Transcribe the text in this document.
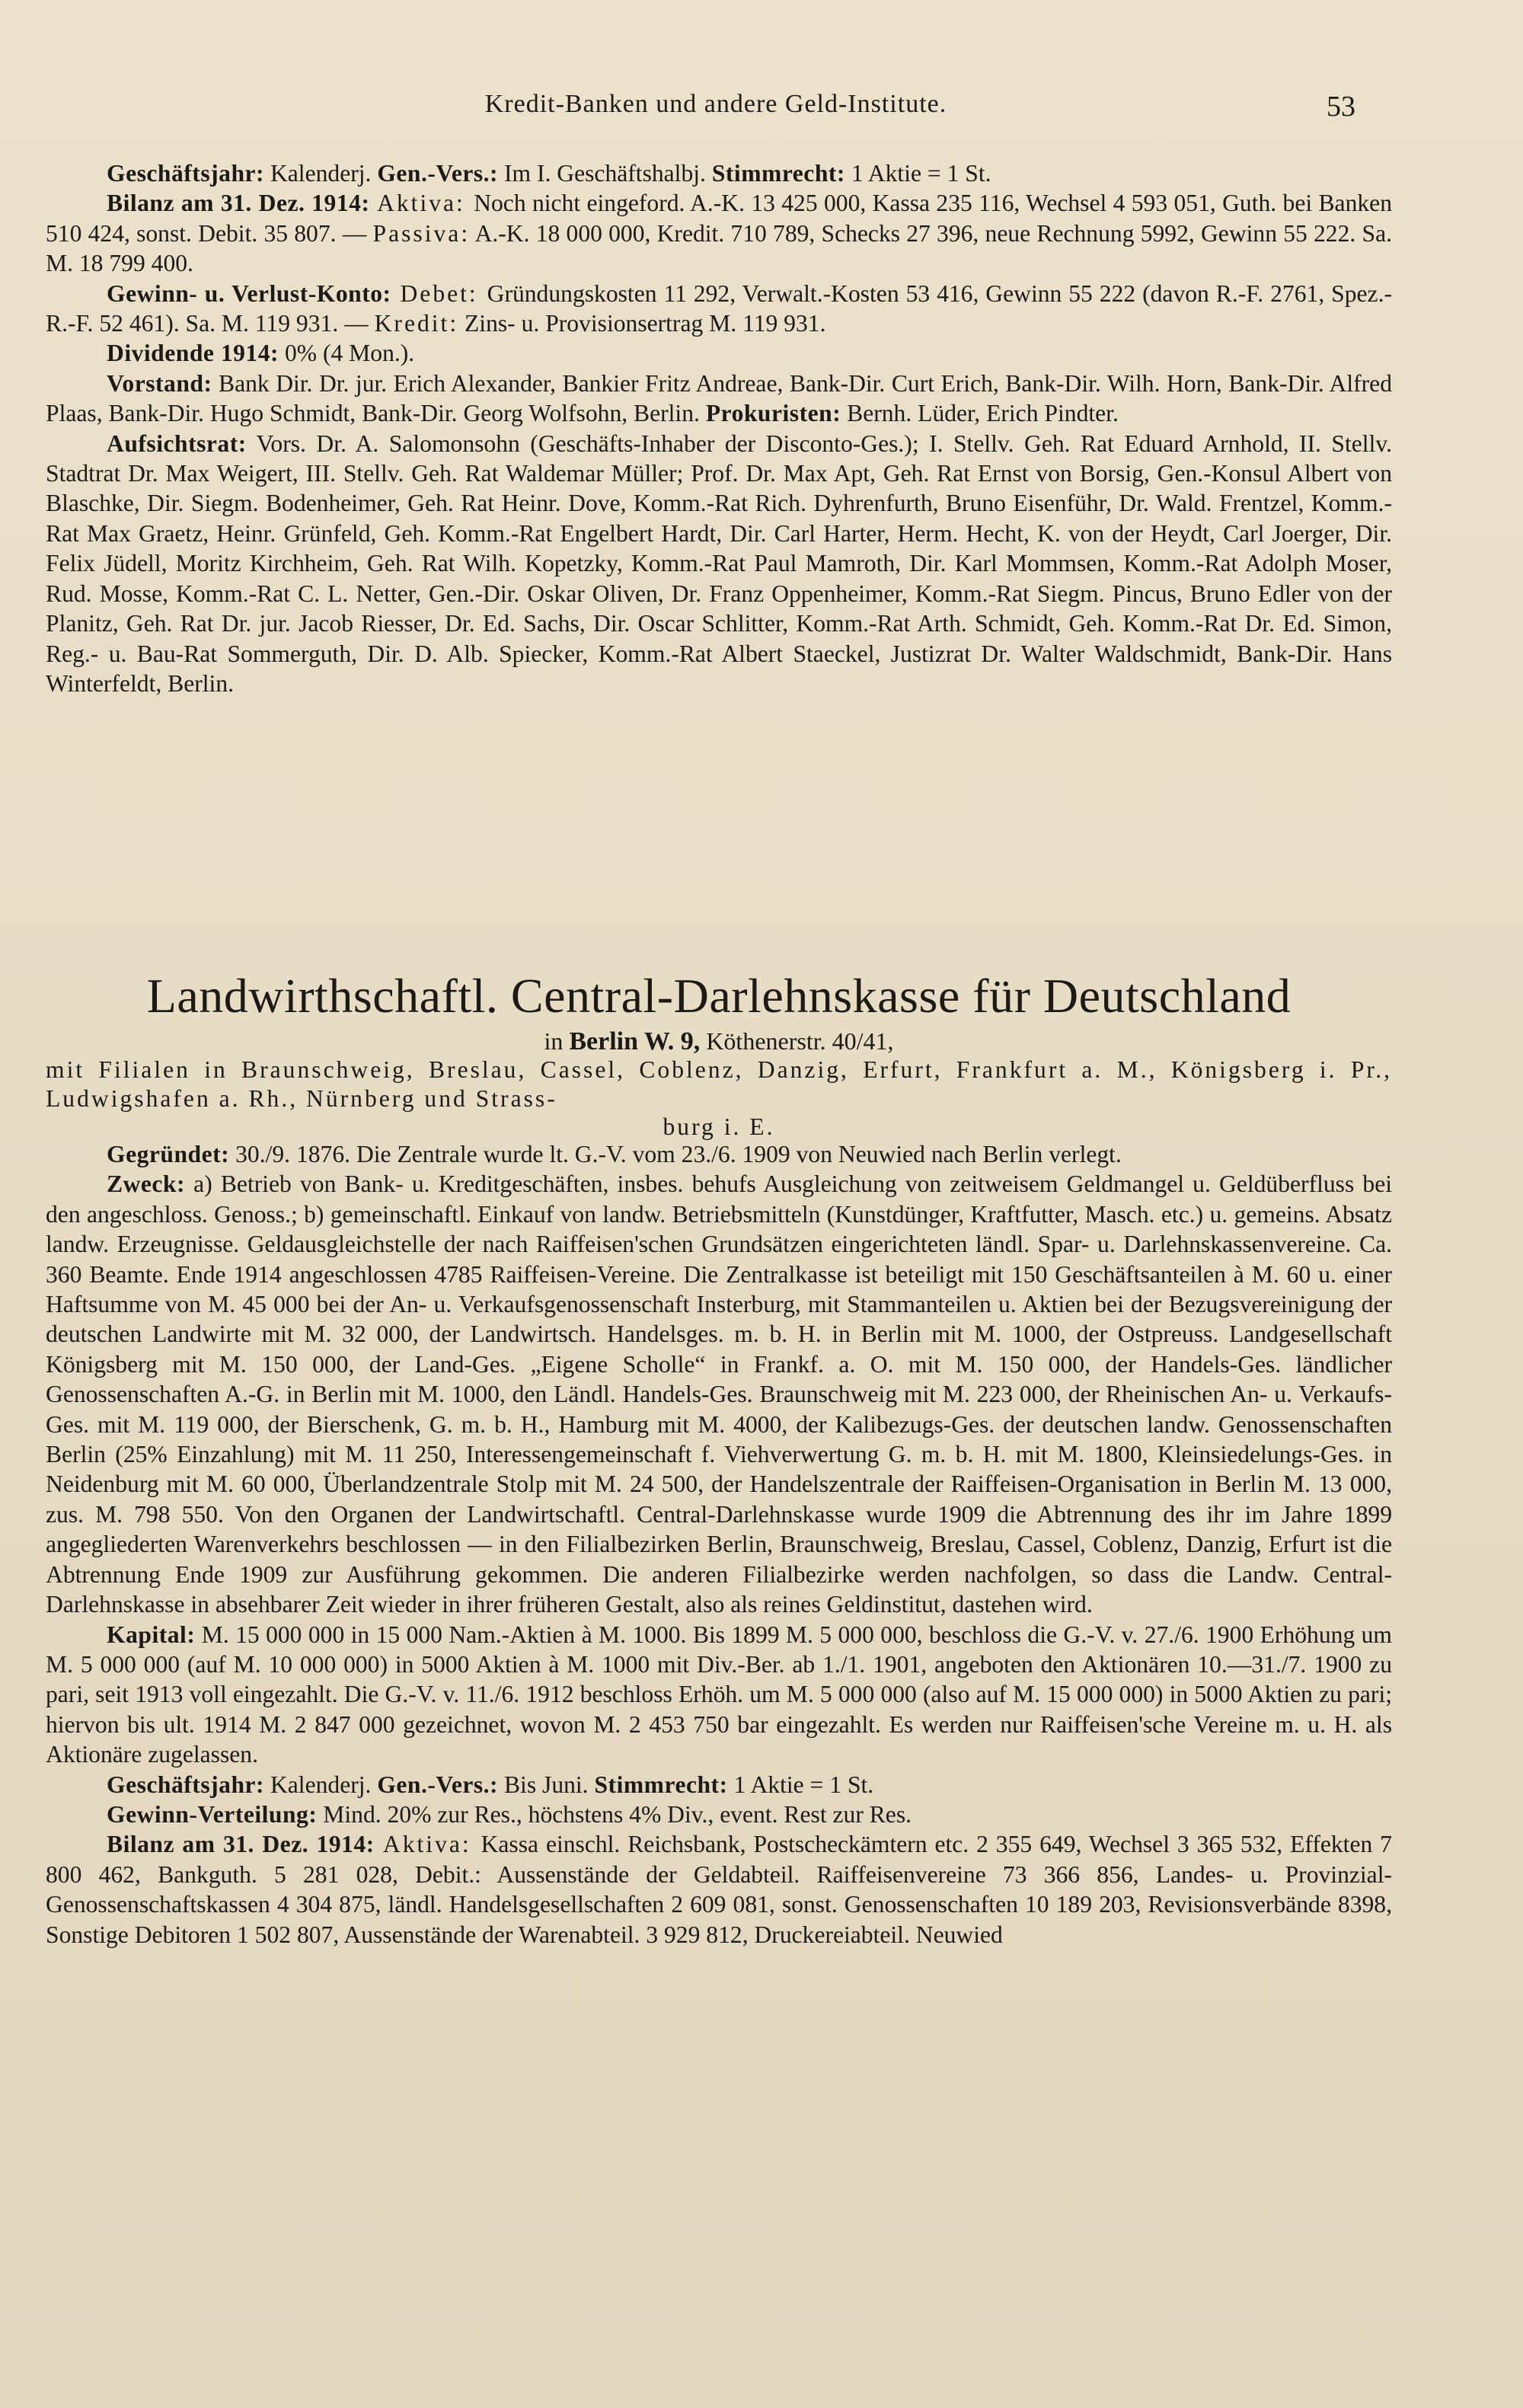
Kredit-Banken und andere Geld-Institute.	53

Geschäftsjahr: Kalenderj. Gen.-Vers.: Im I. Geschäftshalbj. Stimmrecht: 1 Aktie = 1 St.

Bilanz am 31. Dez. 1914: Aktiva: Noch nicht eingeford. A.-K. 13 425 000, Kassa 235 116, Wechsel 4 593 051, Guth. bei Banken 510 424, sonst. Debit. 35 807. — Passiva: A.-K. 18 000 000, Kredit. 710 789, Schecks 27 396, neue Rechnung 5992, Gewinn 55 222. Sa. M. 18 799 400.

Gewinn- u. Verlust-Konto: Debet: Gründungskosten 11 292, Verwalt.-Kosten 53 416, Gewinn 55 222 (davon R.-F. 2761, Spez.-R.-F. 52 461). Sa. M. 119 931. — Kredit: Zins- u. Provisionsertrag M. 119 931.

Dividende 1914: 0% (4 Mon.).

Vorstand: Bank Dir. Dr. jur. Erich Alexander, Bankier Fritz Andreae, Bank-Dir. Curt Erich, Bank-Dir. Wilh. Horn, Bank-Dir. Alfred Plaas, Bank-Dir. Hugo Schmidt, Bank-Dir. Georg Wolfsohn, Berlin. Prokuristen: Bernh. Lüder, Erich Pindter.

Aufsichtsrat: Vors. Dr. A. Salomonsohn (Geschäfts-Inhaber der Disconto-Ges.); I. Stellv. Geh. Rat Eduard Arnhold, II. Stellv. Stadtrat Dr. Max Weigert, III. Stellv. Geh. Rat Waldemar Müller; Prof. Dr. Max Apt, Geh. Rat Ernst von Borsig, Gen.-Konsul Albert von Blaschke, Dir. Siegm. Bodenheimer, Geh. Rat Heinr. Dove, Komm.-Rat Rich. Dyhrenfurth, Bruno Eisenführ, Dr. Wald. Frentzel, Komm.-Rat Max Graetz, Heinr. Grünfeld, Geh. Komm.-Rat Engelbert Hardt, Dir. Carl Harter, Herm. Hecht, K. von der Heydt, Carl Joerger, Dir. Felix Jüdell, Moritz Kirchheim, Geh. Rat Wilh. Kopetzky, Komm.-Rat Paul Mamroth, Dir. Karl Mommsen, Komm.-Rat Adolph Moser, Rud. Mosse, Komm.-Rat C. L. Netter, Gen.-Dir. Oskar Oliven, Dr. Franz Oppenheimer, Komm.-Rat Siegm. Pincus, Bruno Edler von der Planitz, Geh. Rat Dr. jur. Jacob Riesser, Dr. Ed. Sachs, Dir. Oscar Schlitter, Komm.-Rat Arth. Schmidt, Geh. Komm.-Rat Dr. Ed. Simon, Reg.- u. Bau-Rat Sommerguth, Dir. D. Alb. Spiecker, Komm.-Rat Albert Staeckel, Justizrat Dr. Walter Waldschmidt, Bank-Dir. Hans Winterfeldt, Berlin.

Landwirthschaftl. Central-Darlehnskasse für Deutschland
in Berlin W. 9, Köthenerstr. 40/41,
mit Filialen in Braunschweig, Breslau, Cassel, Coblenz, Danzig, Erfurt, Frankfurt a. M., Königsberg i. Pr., Ludwigshafen a. Rh., Nürnberg und Strass-
burg i. E.

Gegründet: 30./9. 1876. Die Zentrale wurde lt. G.-V. vom 23./6. 1909 von Neuwied nach Berlin verlegt.

Zweck: a) Betrieb von Bank- u. Kreditgeschäften, insbes. behufs Ausgleichung von zeitweisem Geldmangel u. Geldüberfluss bei den angeschloss. Genoss.; b) gemeinschaftl. Einkauf von landw. Betriebsmitteln (Kunstdünger, Kraftfutter, Masch. etc.) u. gemeins. Absatz landw. Erzeugnisse. Geldausgleichstelle der nach Raiffeisen'schen Grundsätzen eingerichteten ländl. Spar- u. Darlehnskassenvereine. Ca. 360 Beamte. Ende 1914 angeschlossen 4785 Raiffeisen-Vereine. Die Zentralkasse ist beteiligt mit 150 Geschäftsanteilen à M. 60 u. einer Haftsumme von M. 45 000 bei der An- u. Verkaufsgenossenschaft Insterburg, mit Stammanteilen u. Aktien bei der Bezugsvereinigung der deutschen Landwirte mit M. 32 000, der Landwirtsch. Handelsges. m. b. H. in Berlin mit M. 1000, der Ostpreuss. Landgesellschaft Königsberg mit M. 150 000, der Land-Ges. „Eigene Scholle“ in Frankf. a. O. mit M. 150 000, der Handels-Ges. ländlicher Genossenschaften A.-G. in Berlin mit M. 1000, den Ländl. Handels-Ges. Braunschweig mit M. 223 000, der Rheinischen An- u. Verkaufs-Ges. mit M. 119 000, der Bierschenk, G. m. b. H., Hamburg mit M. 4000, der Kalibezugs-Ges. der deutschen landw. Genossenschaften Berlin (25% Einzahlung) mit M. 11 250, Interessengemeinschaft f. Viehverwertung G. m. b. H. mit M. 1800, Kleinsiedelungs-Ges. in Neidenburg mit M. 60 000, Überlandzentrale Stolp mit M. 24 500, der Handelszentrale der Raiffeisen-Organisation in Berlin M. 13 000, zus. M. 798 550. Von den Organen der Landwirtschaftl. Central-Darlehnskasse wurde 1909 die Abtrennung des ihr im Jahre 1899 angegliederten Warenverkehrs beschlossen — in den Filialbezirken Berlin, Braunschweig, Breslau, Cassel, Coblenz, Danzig, Erfurt ist die Abtrennung Ende 1909 zur Ausführung gekommen. Die anderen Filialbezirke werden nachfolgen, so dass die Landw. Central-Darlehnskasse in absehbarer Zeit wieder in ihrer früheren Gestalt, also als reines Geldinstitut, dastehen wird.

Kapital: M. 15 000 000 in 15 000 Nam.-Aktien à M. 1000. Bis 1899 M. 5 000 000, beschloss die G.-V. v. 27./6. 1900 Erhöhung um M. 5 000 000 (auf M. 10 000 000) in 5000 Aktien à M. 1000 mit Div.-Ber. ab 1./1. 1901, angeboten den Aktionären 10.—31./7. 1900 zu pari, seit 1913 voll eingezahlt. Die G.-V. v. 11./6. 1912 beschloss Erhöh. um M. 5 000 000 (also auf M. 15 000 000) in 5000 Aktien zu pari; hiervon bis ult. 1914 M. 2 847 000 gezeichnet, wovon M. 2 453 750 bar eingezahlt. Es werden nur Raiffeisen'sche Vereine m. u. H. als Aktionäre zugelassen.

Geschäftsjahr: Kalenderj. Gen.-Vers.: Bis Juni. Stimmrecht: 1 Aktie = 1 St.

Gewinn-Verteilung: Mind. 20% zur Res., höchstens 4% Div., event. Rest zur Res.

Bilanz am 31. Dez. 1914: Aktiva: Kassa einschl. Reichsbank, Postscheckämtern etc. 2 355 649, Wechsel 3 365 532, Effekten 7 800 462, Bankguth. 5 281 028, Debit.: Aussenstände der Geldabteil. Raiffeisenvereine 73 366 856, Landes- u. Provinzial-Genossenschaftskassen 4 304 875, ländl. Handelsgesellschaften 2 609 081, sonst. Genossenschaften 10 189 203, Revisionsverbände 8398, Sonstige Debitoren 1 502 807, Aussenstände der Warenabteil. 3 929 812, Druckereiabteil. Neuwied
